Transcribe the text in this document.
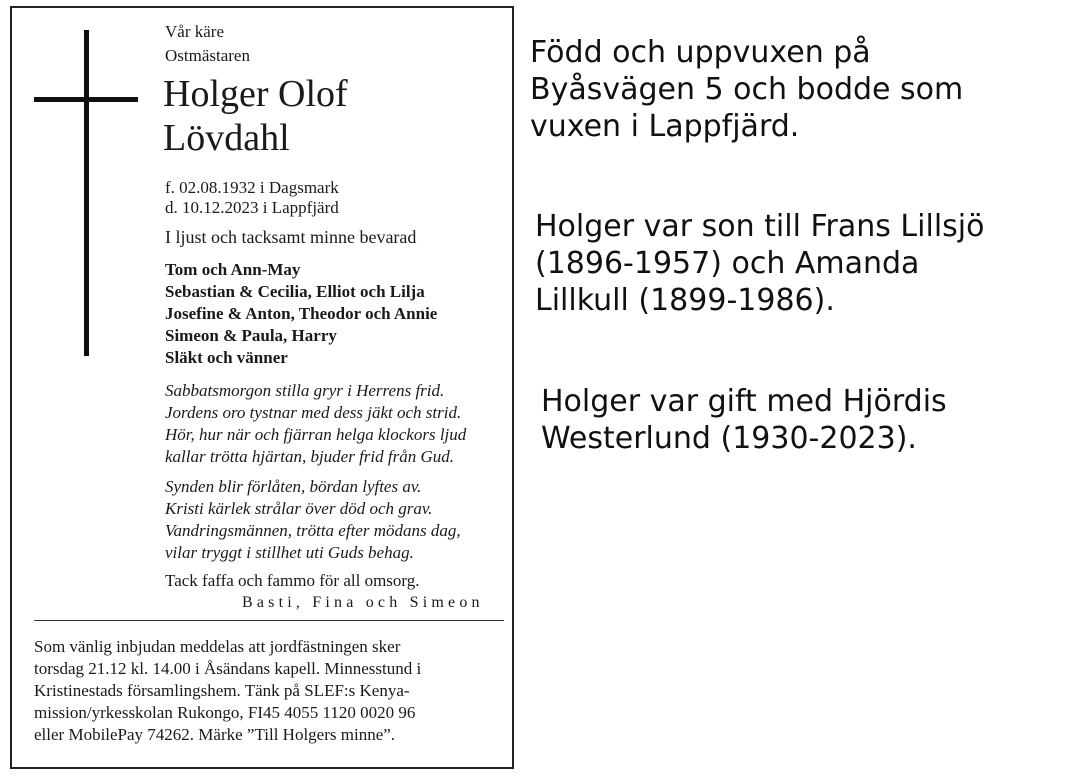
Vår käre
Ostmästaren
Holger Olof
Lövdahl
f. 02.08.1932 i Dagsmark
d. 10.12.2023 i Lappfjärd
I ljust och tacksamt minne bevarad
Tom och Ann-May
Sebastian & Cecilia, Elliot och Lilja
Josefine & Anton, Theodor och Annie
Simeon & Paula, Harry
Släkt och vänner
Sabbatsmorgon stilla gryr i Herrens frid.
Jordens oro tystnar med dess jäkt och strid.
Hör, hur när och fjärran helga klockors ljud
kallar trötta hjärtan, bjuder frid från Gud.
Synden blir förlåten, bördan lyftes av.
Kristi kärlek strålar över död och grav.
Vandringsmännen, trötta efter mödans dag,
vilar tryggt i stillhet uti Guds behag.
Tack faffa och fammo för all omsorg.
Basti, Fina och Simeon
Som vänlig inbjudan meddelas att jordfästningen sker
torsdag 21.12 kl. 14.00 i Åsändans kapell. Minnesstund i
Kristinestads församlingshem. Tänk på SLEF:s Kenya-
mission/yrkesskolan Rukongo, FI45 4055 1120 0020 96
eller MobilePay 74262. Märke ”Till Holgers minne”.
Född och uppvuxen på
Byåsvägen 5 och bodde som
vuxen i Lappfjärd.
Holger var son till Frans Lillsjö
(1896-1957) och Amanda
Lillkull (1899-1986).
Holger var gift med Hjördis
Westerlund (1930-2023).
